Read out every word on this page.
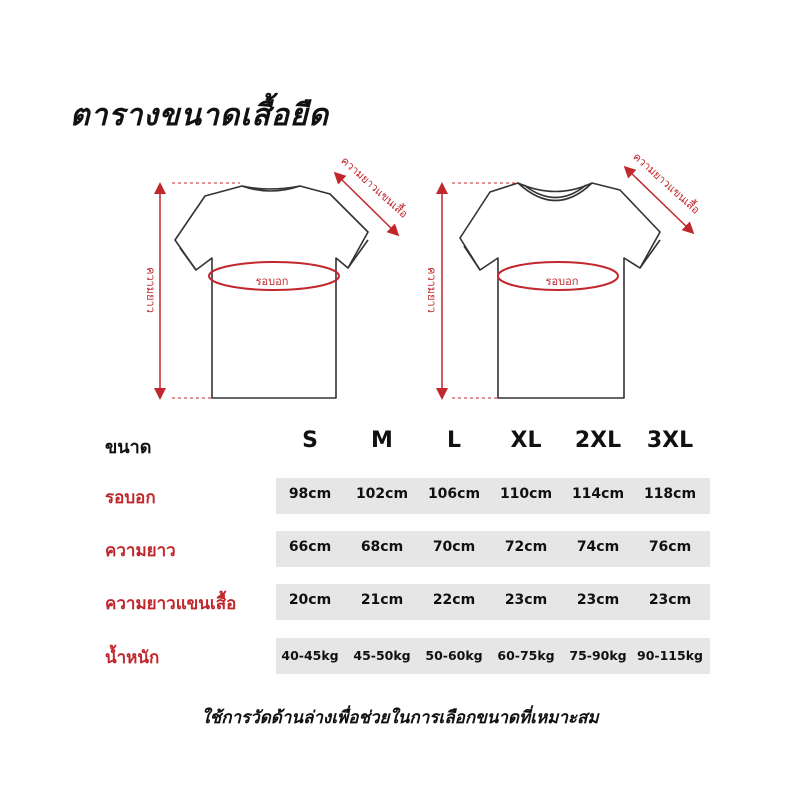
ตารางขนาดเสื้อยืด
ความยาว
ความยาวแขนเสื้อ
รอบอก	ความยาว
ความยาวแขนเสื้อ
รอบอก
ขนาด	S	M	L	XL	2XL	3XL
รอบอก	98cm	102cm	106cm	110cm	114cm	118cm
ความยาว	66cm	68cm	70cm	72cm	74cm	76cm
ความยาวแขนเสื้อ	20cm	21cm	22cm	23cm	23cm	23cm
น้ำหนัก	40-45kg	45-50kg	50-60kg	60-75kg	75-90kg 90-115kg
ใช้การวัดด้านล่างเพื่อช่วยในการเลือกขนาดที่เหมาะสม
